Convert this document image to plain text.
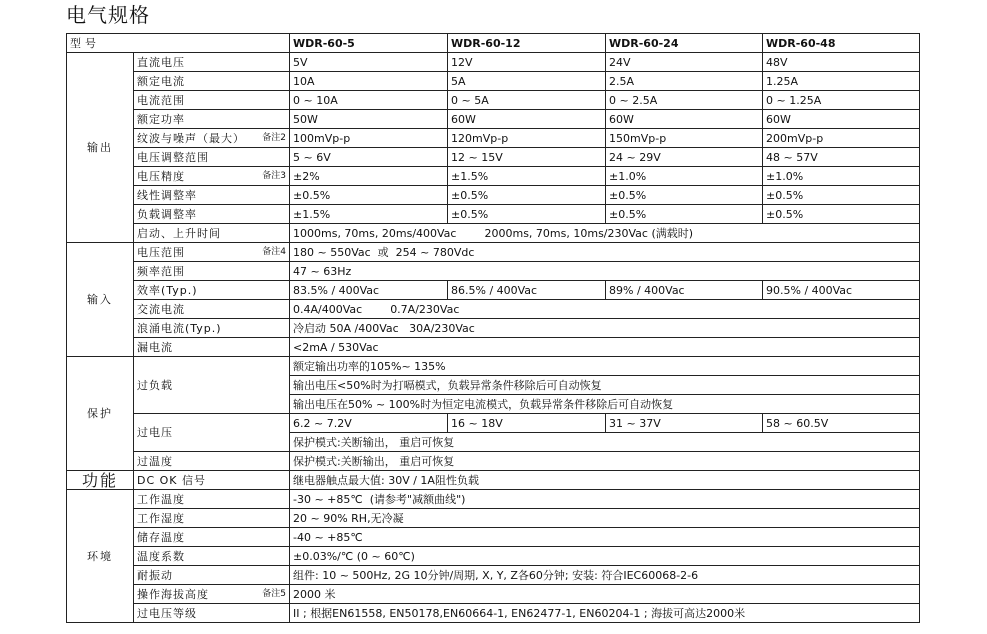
电气规格
型号		WDR-60-5	WDR-60-12	WDR-60-24	WDR-60-48
输出	直流电压	5V	12V	24V	48V
	额定电流	10A	5A	2.5A	1.25A
	电流范围	0 ~ 10A	0 ~ 5A	0 ~ 2.5A	0 ~ 1.25A
	额定功率	50W	60W	60W	60W
	纹波与噪声（最大） 备注2	100mVp-p	120mVp-p	150mVp-p	200mVp-p
	电压调整范围	5 ~ 6V	12 ~ 15V	24 ~ 29V	48 ~ 57V
	电压精度 备注3	±2%	±1.5%	±1.0%	±1.0%
	线性调整率	±0.5%	±0.5%	±0.5%	±0.5%
	负载调整率	±1.5%	±0.5%	±0.5%	±0.5%
	启动、上升时间	1000ms, 70ms, 20ms/400Vac 2000ms, 70ms, 10ms/230Vac (满载时)			
输入	电压范围 备注4	180 ~ 550Vac  或  254 ~ 780Vdc			
	频率范围	47 ~ 63Hz			
	效率(Typ.)	83.5% / 400Vac	86.5% / 400Vac	89% / 400Vac	90.5% / 400Vac
	交流电流	0.4A/400Vac 0.7A/230Vac			
	浪涌电流(Typ.)	冷启动 50A /400Vac   30A/230Vac			
	漏电流	<2mA / 530Vac			
保护	过负载	额定输出功率的105%~ 135%			
		输出电压<50%时为打嗝模式，负载异常条件移除后可自动恢复			
		输出电压在50% ~ 100%时为恒定电流模式，负载异常条件移除后可自动恢复			
	过电压	6.2 ~ 7.2V	16 ~ 18V	31 ~ 37V	58 ~ 60.5V
		保护模式:关断输出， 重启可恢复			
	过温度	保护模式:关断输出， 重启可恢复			
功能	DC OK 信号	继电器触点最大值: 30V / 1A阻性负载			
环境	工作温度	-30 ~ +85℃  (请参考"减额曲线")			
	工作湿度	20 ~ 90% RH,无冷凝			
	储存温度	-40 ~ +85℃			
	温度系数	±0.03%/℃ (0 ~ 60℃)			
	耐振动	组件: 10 ~ 500Hz, 2G 10分钟/周期, X, Y, Z各60分钟; 安装: 符合IEC60068-2-6			
	操作海拔高度 备注5	2000 米			
	过电压等级	II ; 根据EN61558, EN50178,EN60664-1, EN62477-1, EN60204-1 ; 海拔可高达2000米			
